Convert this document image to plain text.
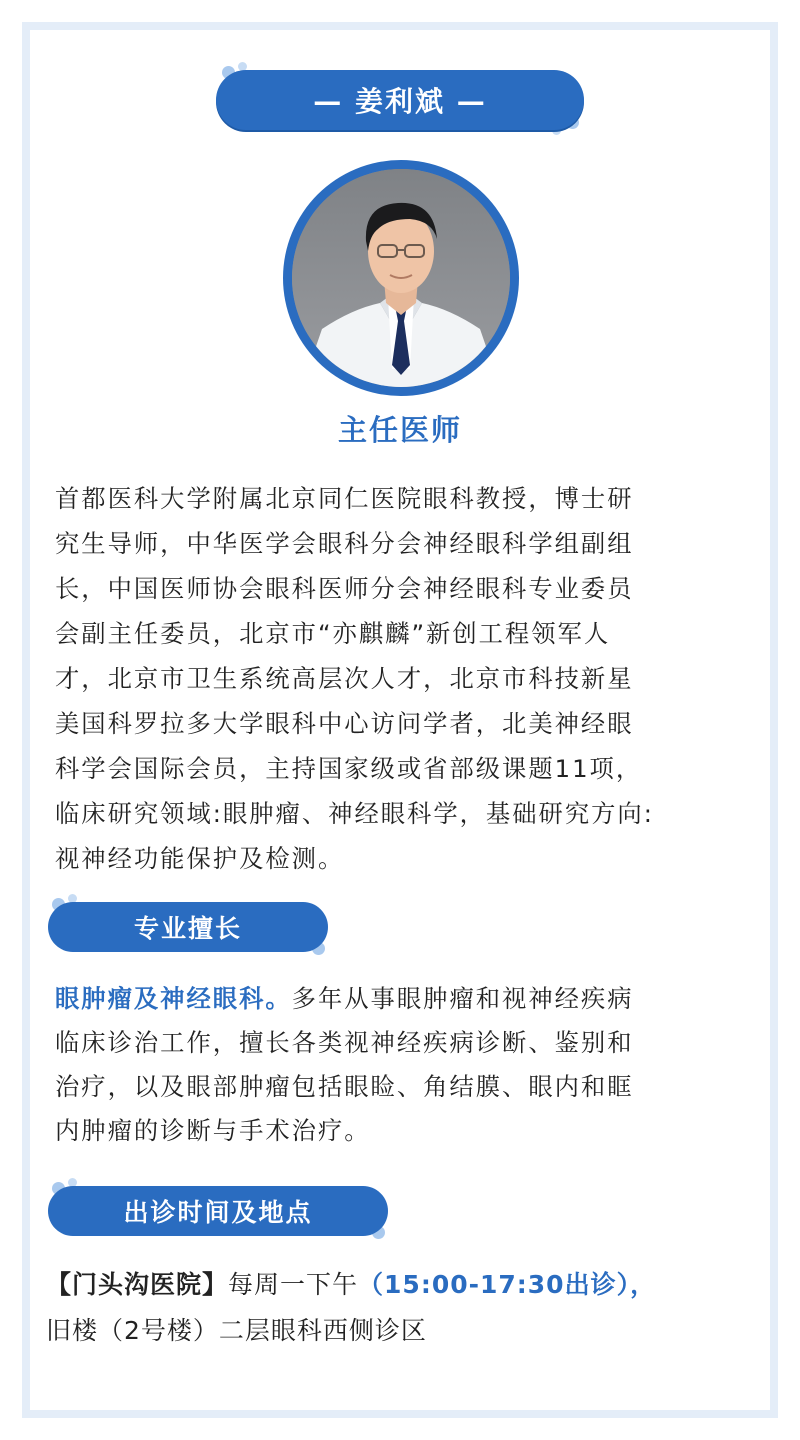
— 姜利斌 —
主任医师

首都医科大学附属北京同仁医院眼科教授，博士研

究生导师，中华医学会眼科分会神经眼科学组副组

长，中国医师协会眼科医师分会神经眼科专业委员

会副主任委员，北京市“亦麒麟”新创工程领军人

才，北京市卫生系统高层次人才，北京市科技新星

美国科罗拉多大学眼科中心访问学者，北美神经眼

科学会国际会员，主持国家级或省部级课题11项，

临床研究领域:眼肿瘤、神经眼科学，基础研究方向:

视神经功能保护及检测。

专业擅长

眼肿瘤及神经眼科。多年从事眼肿瘤和视神经疾病

临床诊治工作，擅长各类视神经疾病诊断、鉴别和

治疗，以及眼部肿瘤包括眼睑、角结膜、眼内和眶

内肿瘤的诊断与手术治疗。

出诊时间及地点

【门头沟医院】每周一下午（15:00-17:30出诊），

旧楼（2号楼）二层眼科西侧诊区
